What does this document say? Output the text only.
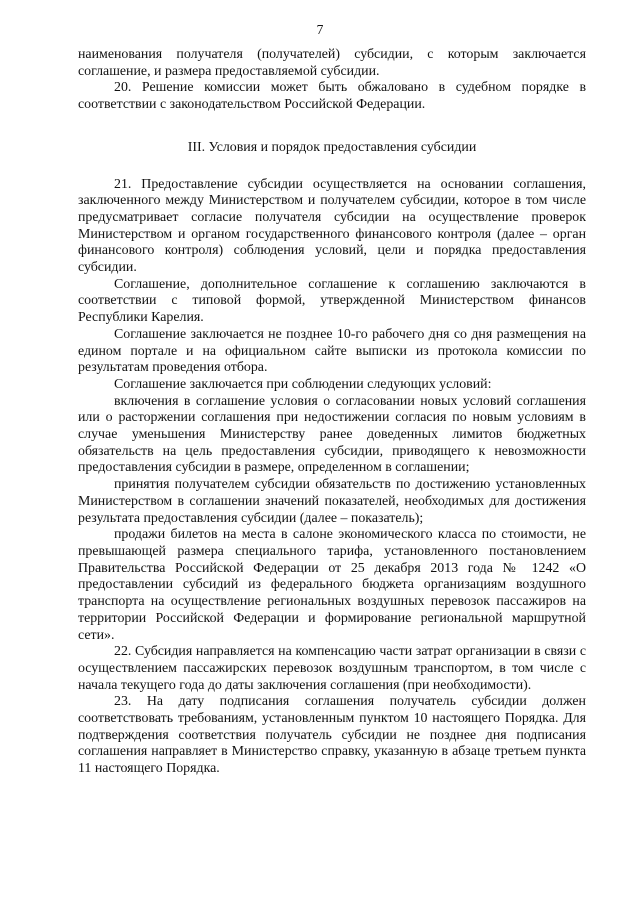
7

наименования получателя (получателей) субсидии, с которым заключается соглашение, и размера предоставляемой субсидии.

20. Решение комиссии может быть обжаловано в судебном порядке в соответствии с законодательством Российской Федерации.

III. Условия и порядок предоставления субсидии

21. Предоставление субсидии осуществляется на основании соглашения, заключенного между Министерством и получателем субсидии, которое в том числе предусматривает согласие получателя субсидии на осуществление проверок Министерством и органом государственного финансового контроля (далее – орган финансового контроля) соблюдения условий, цели и порядка предоставления субсидии.

Соглашение, дополнительное соглашение к соглашению заключаются в соответствии с типовой формой, утвержденной Министерством финансов Республики Карелия.

Соглашение заключается не позднее 10-го рабочего дня со дня размещения на едином портале и на официальном сайте выписки из протокола комиссии по результатам проведения отбора.

Соглашение заключается при соблюдении следующих условий:

включения в соглашение условия о согласовании новых условий соглашения или о расторжении соглашения при недостижении согласия по новым условиям в случае уменьшения Министерству ранее доведенных лимитов бюджетных обязательств на цель предоставления субсидии, приводящего к невозможности предоставления субсидии в размере, определенном в соглашении;

принятия получателем субсидии обязательств по достижению установленных Министерством в соглашении значений показателей, необходимых для достижения результата предоставления субсидии (далее – показатель);

продажи билетов на места в салоне экономического класса по стоимости, не превышающей размера специального тарифа, установленного постановлением Правительства Российской Федерации от 25 декабря 2013 года № 1242 «О предоставлении субсидий из федерального бюджета организациям воздушного транспорта на осуществление региональных воздушных перевозок пассажиров на территории Российской Федерации и формирование региональной маршрутной сети».

22. Субсидия направляется на компенсацию части затрат организации в связи с осуществлением пассажирских перевозок воздушным транспортом, в том числе с начала текущего года до даты заключения соглашения (при необходимости).

23. На дату подписания соглашения получатель субсидии должен соответствовать требованиям, установленным пунктом 10 настоящего Порядка. Для подтверждения соответствия получатель субсидии не позднее дня подписания соглашения направляет в Министерство справку, указанную в абзаце третьем пункта 11 настоящего Порядка.
